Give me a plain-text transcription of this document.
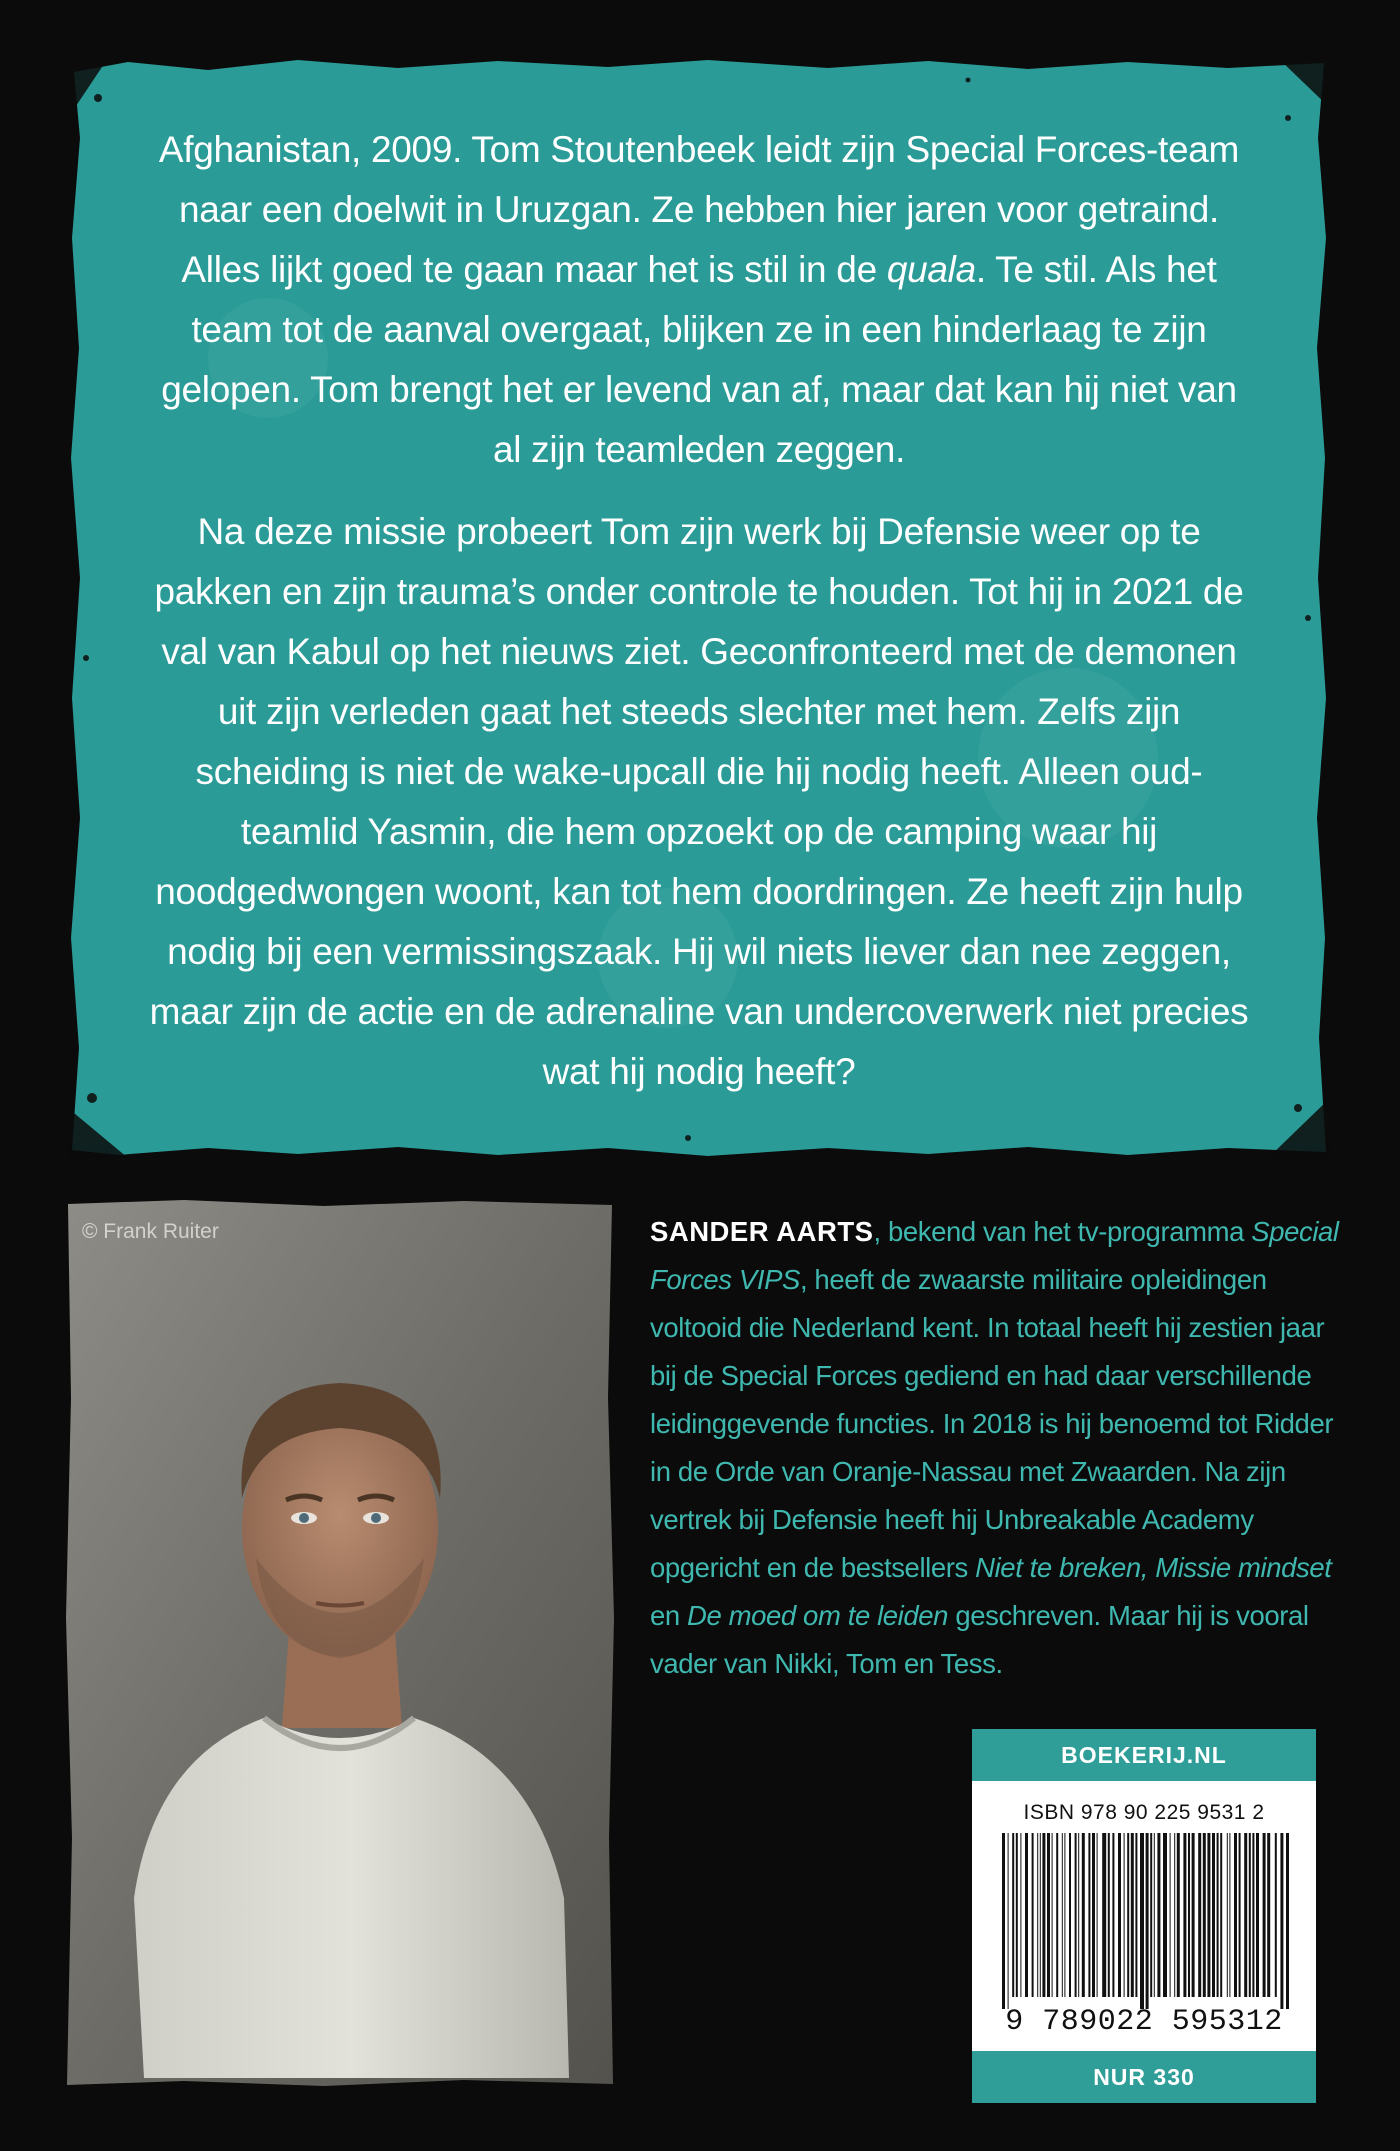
Afghanistan, 2009. Tom Stoutenbeek leidt zijn Special Forces-team naar een doelwit in Uruzgan. Ze hebben hier jaren voor getraind. Alles lijkt goed te gaan maar het is stil in de quala. Te stil. Als het team tot de aanval overgaat, blijken ze in een hinderlaag te zijn gelopen. Tom brengt het er levend van af, maar dat kan hij niet van al zijn teamleden zeggen.

Na deze missie probeert Tom zijn werk bij Defensie weer op te pakken en zijn trauma’s onder controle te houden. Tot hij in 2021 de val van Kabul op het nieuws ziet. Geconfronteerd met de demonen uit zijn verleden gaat het steeds slechter met hem. Zelfs zijn scheiding is niet de wake-upcall die hij nodig heeft. Alleen oud-teamlid Yasmin, die hem opzoekt op de camping waar hij noodgedwongen woont, kan tot hem doordringen. Ze heeft zijn hulp nodig bij een vermissingszaak. Hij wil niets liever dan nee zeggen, maar zijn de actie en de adrenaline van undercoverwerk niet precies wat hij nodig heeft?

© Frank Ruiter	SANDER AARTS, bekend van het tv-programma Special Forces VIPS, heeft de zwaarste militaire opleidingen voltooid die Nederland kent. In totaal heeft hij zestien jaar bij de Special Forces gediend en had daar verschillende leidinggevende functies. In 2018 is hij benoemd tot Ridder in de Orde van Oranje-Nassau met Zwaarden. Na zijn vertrek bij Defensie heeft hij Unbreakable Academy opgericht en de bestsellers Niet te breken, Missie mindset en De moed om te leiden geschreven. Maar hij is vooral vader van Nikki, Tom en Tess.
BOEKERIJ.NL
ISBN 978 90 225 9531 2
9 789022 595312
NUR 330
